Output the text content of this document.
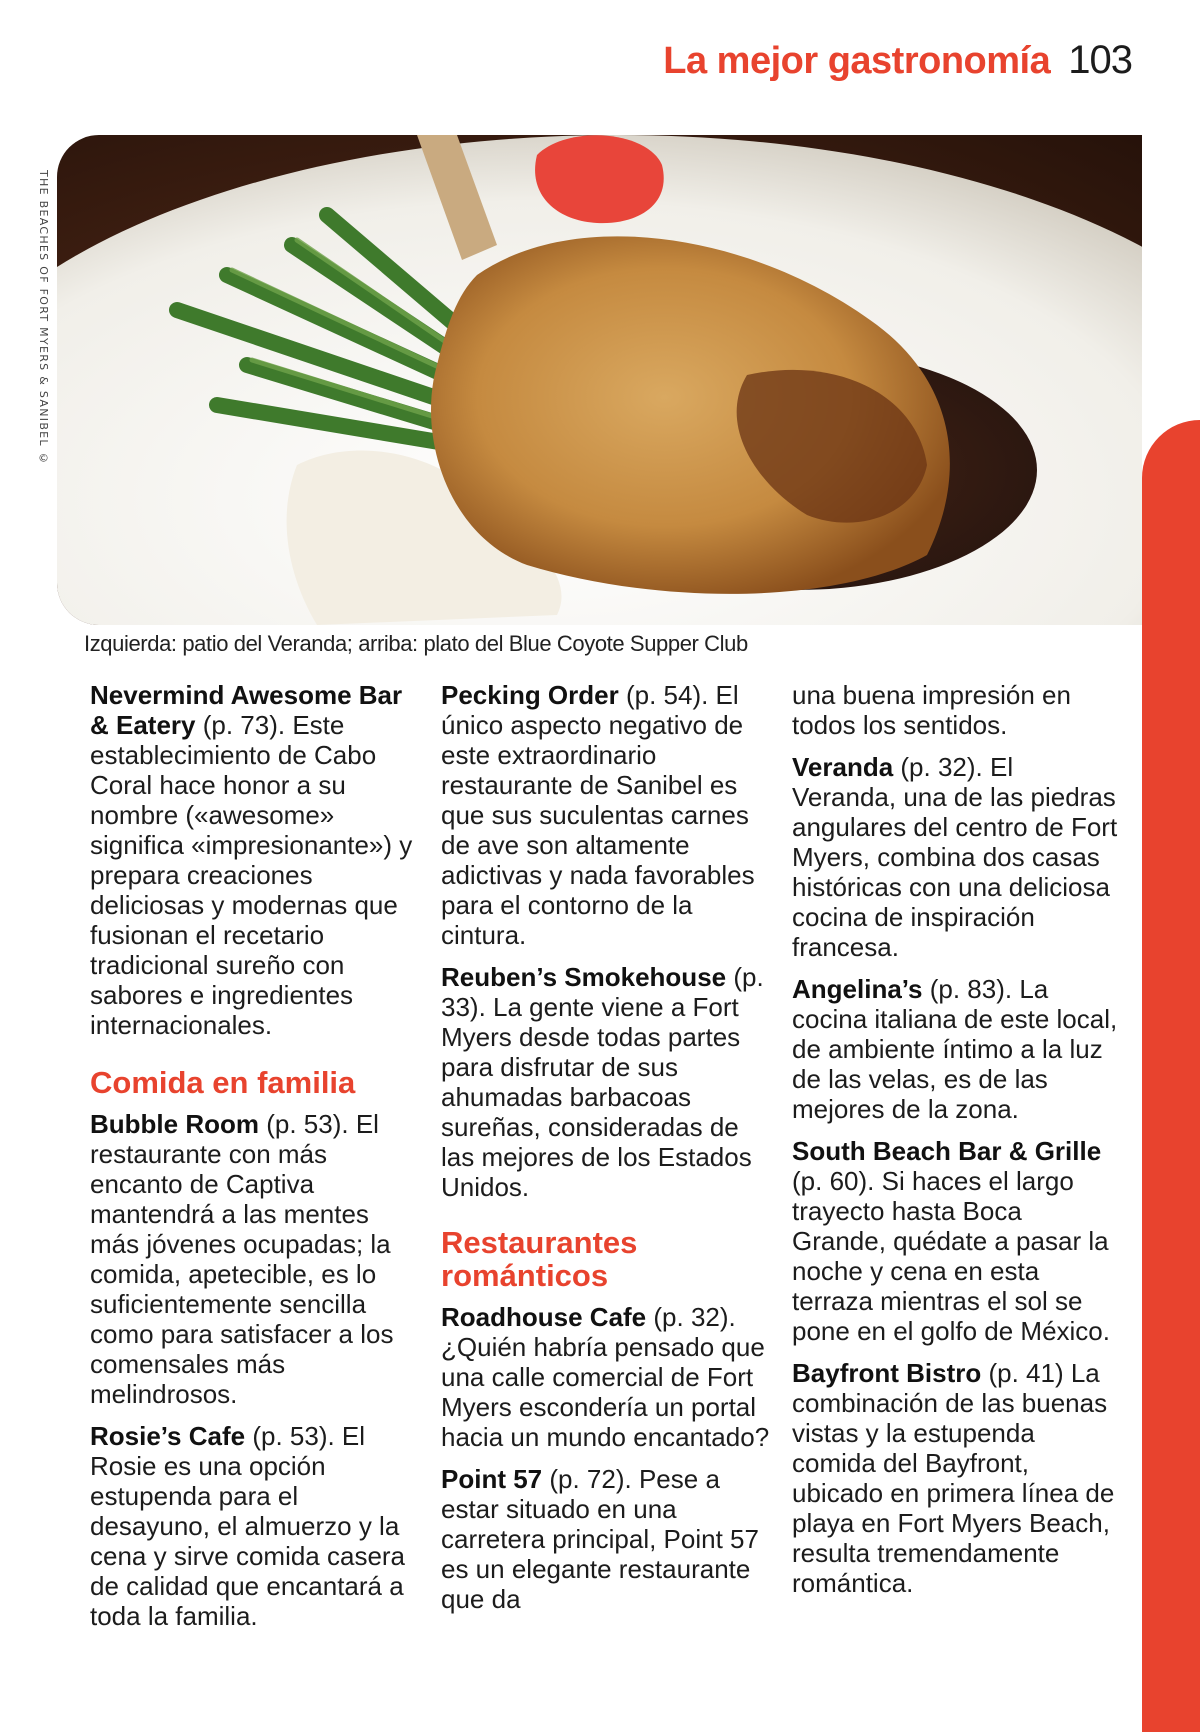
La mejor gastronomía 103
THE BEACHES OF FORT MYERS & SANIBEL ©
Izquierda: patio del Veranda; arriba: plato del Blue Coyote Supper Club
Nevermind Awesome Bar & Eatery (p. 73). Este establecimiento de Cabo Coral hace honor a su nombre («awesome» significa «impresionante») y prepara creaciones deliciosas y modernas que fusionan el recetario tradicional sureño con sabores e ingredientes internacionales.
Comida en familia
Bubble Room (p. 53). El restaurante con más encanto de Captiva mantendrá a las mentes más jóvenes ocupadas; la comida, apetecible, es lo suficientemente sencilla como para satisfacer a los comensales más melindrosos.
Rosie’s Cafe (p. 53). El Rosie es una opción estupenda para el desayuno, el almuerzo y la cena y sirve comida casera de calidad que encantará a toda la familia.
Pecking Order (p. 54). El único aspecto negativo de este extraordinario restaurante de Sanibel es que sus suculentas carnes de ave son altamente adictivas y nada favorables para el contorno de la cintura.
Reuben’s Smokehouse (p. 33). La gente viene a Fort Myers desde todas partes para disfrutar de sus ahumadas barbacoas sureñas, consideradas de las mejores de los Estados Unidos.
Restaurantes románticos
Roadhouse Cafe (p. 32). ¿Quién habría pensado que una calle comercial de Fort Myers escondería un portal hacia un mundo encantado?
Point 57 (p. 72). Pese a estar situado en una carretera principal, Point 57 es un elegante restaurante que da
una buena impresión en todos los sentidos.
Veranda (p. 32). El Veranda, una de las piedras angulares del centro de Fort Myers, combina dos casas históricas con una deliciosa cocina de inspiración francesa.
Angelina’s (p. 83). La cocina italiana de este local, de ambiente íntimo a la luz de las velas, es de las mejores de la zona.
South Beach Bar & Grille (p. 60). Si haces el largo trayecto hasta Boca Grande, quédate a pasar la noche y cena en esta terraza mientras el sol se pone en el golfo de México.
Bayfront Bistro (p. 41) La combinación de las buenas vistas y la estupenda comida del Bayfront, ubicado en primera línea de playa en Fort Myers Beach, resulta tremendamente romántica.
